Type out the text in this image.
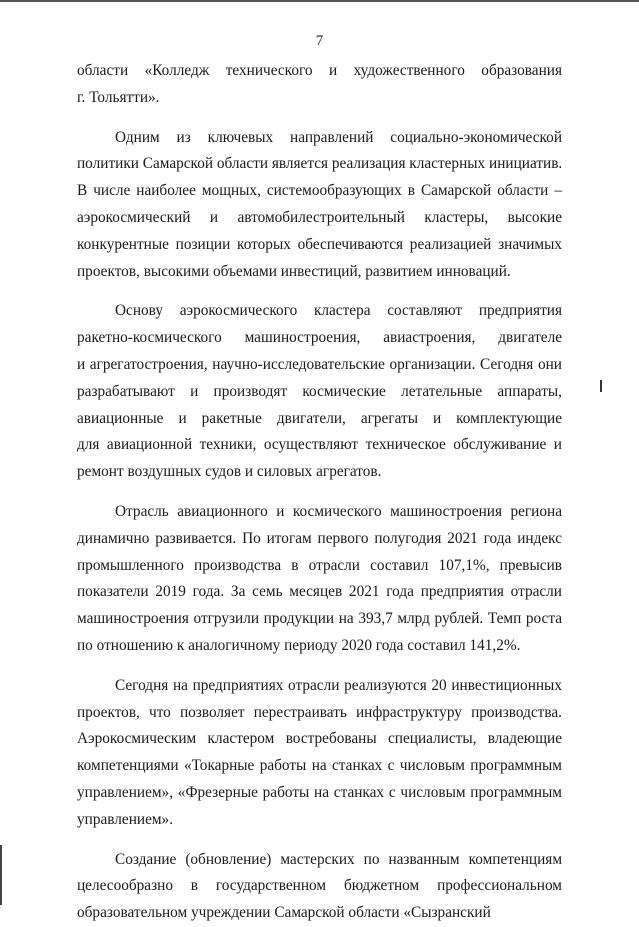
7
области «Колледж технического и художественного образования
г. Тольятти».
Одним из ключевых направлений социально-экономической
политики Самарской области является реализация кластерных инициатив.
В числе наиболее мощных, системообразующих в Самарской области –
аэрокосмический и автомобилестроительный кластеры, высокие
конкурентные позиции которых обеспечиваются реализацией значимых
проектов, высокими объемами инвестиций, развитием инноваций.
Основу аэрокосмического кластера составляют предприятия
ракетно-космического машиностроения, авиастроения, двигателе
и агрегатостроения, научно-исследовательские организации. Сегодня они
разрабатывают и производят космические летательные аппараты,
авиационные и ракетные двигатели, агрегаты и комплектующие
для авиационной техники, осуществляют техническое обслуживание и
ремонт воздушных судов и силовых агрегатов.
Отрасль авиационного и космического машиностроения региона
динамично развивается. По итогам первого полугодия 2021 года индекс
промышленного производства в отрасли составил 107,1%, превысив
показатели 2019 года. За семь месяцев 2021 года предприятия отрасли
машиностроения отгрузили продукции на 393,7 млрд рублей. Темп роста
по отношению к аналогичному периоду 2020 года составил 141,2%.
Сегодня на предприятиях отрасли реализуются 20 инвестиционных
проектов, что позволяет перестраивать инфраструктуру производства.
Аэрокосмическим кластером востребованы специалисты, владеющие
компетенциями «Токарные работы на станках с числовым программным
управлением», «Фрезерные работы на станках с числовым программным
управлением».
Создание (обновление) мастерских по названным компетенциям
целесообразно в государственном бюджетном профессиональном
образовательном учреждении Самарской области «Сызранский
